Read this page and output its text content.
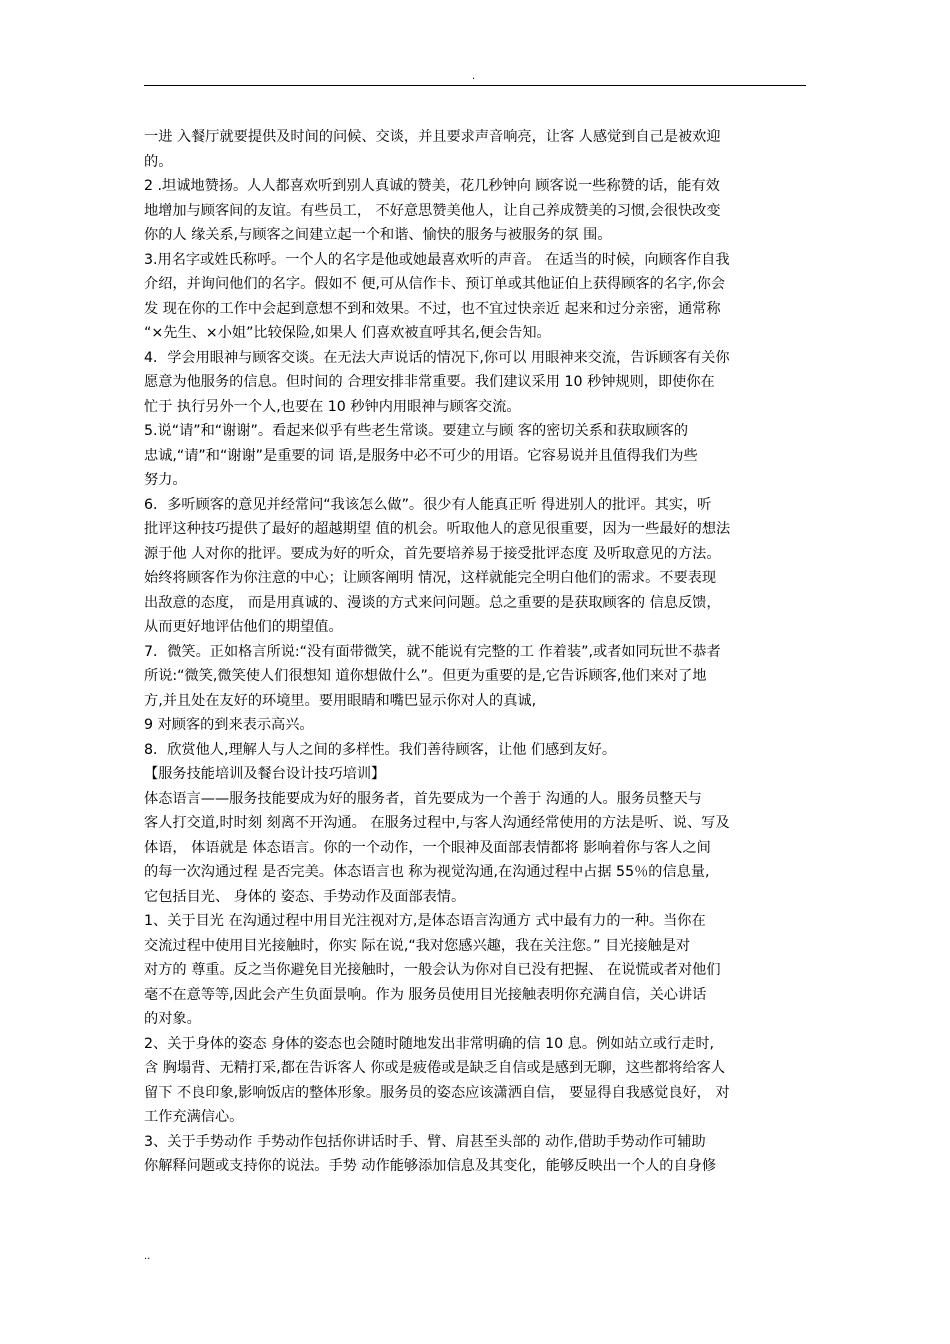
.

一进 入餐厅就要提供及时间的问候、交谈，并且要求声音响亮，让客 人感觉到自己是被欢迎

的。

2 .坦诚地赞扬。人人都喜欢听到别人真诚的赞美，花几秒钟向 顾客说一些称赞的话，能有效

地增加与顾客间的友谊。有些员工， 不好意思赞美他人，让自己养成赞美的习惯,会很快改变

你的人 缘关系,与顾客之间建立起一个和谐、愉快的服务与被服务的氛 围。

3.用名字或姓氏称呼。一个人的名字是他或她最喜欢听的声音。 在适当的时候，向顾客作自我

介绍，并询问他们的名字。假如不 便,可从信作卡、预订单或其他证伯上获得顾客的名字,你会

发 现在你的工作中会起到意想不到和效果。不过，也不宜过快亲近 起来和过分亲密，通常称

“×先生、×小姐”比较保险,如果人 们喜欢被直呼其名,便会告知。

4．学会用眼神与顾客交谈。在无法大声说话的情况下,你可以 用眼神来交流，告诉顾客有关你

愿意为他服务的信息。但时间的 合理安排非常重要。我们建议采用 10 秒钟规则，即使你在

忙于 执行另外一个人,也要在 10 秒钟内用眼神与顾客交流。

5.说“请”和“谢谢”。看起来似乎有些老生常谈。要建立与顾 客的密切关系和获取顾客的

忠诚,“请”和“谢谢”是重要的词 语,是服务中必不可少的用语。它容易说并且值得我们为些

努力。

6．多听顾客的意见并经常问“我该怎么做”。很少有人能真正听 得进别人的批评。其实，听

批评这种技巧提供了最好的超越期望 值的机会。听取他人的意见很重要，因为一些最好的想法

源于他 人对你的批评。要成为好的听众，首先要培养易于接受批评态度 及听取意见的方法。

始终将顾客作为你注意的中心；让顾客阐明 情况，这样就能完全明白他们的需求。不要表现

出敌意的态度， 而是用真诚的、漫谈的方式来问问题。总之重要的是获取顾客的 信息反馈，

从而更好地评估他们的期望值。

7．微笑。正如格言所说:“没有面带微笑，就不能说有完整的工 作着装”,或者如同玩世不恭者

所说:“微笑,微笑使人们很想知 道你想做什么”。但更为重要的是,它告诉顾客,他们来对了地

方,并且处在友好的环境里。要用眼睛和嘴巴显示你对人的真诚,

9 对顾客的到来表示高兴。

8．欣赏他人,理解人与人之间的多样性。我们善待顾客，让他 们感到友好。

【服务技能培训及餐台设计技巧培训】

体态语言——服务技能要成为好的服务者，首先要成为一个善于 沟通的人。服务员整天与

客人打交道,时时刻 刻离不开沟通。 在服务过程中,与客人沟通经常使用的方法是听、说、写及

体语， 体语就是 体态语言。你的一个动作，一个眼神及面部表情都将 影响着你与客人之间

的每一次沟通过程 是否完美。体态语言也 称为视觉沟通,在沟通过程中占据 55％的信息量,

它包括目光、 身体的 姿态、手势动作及面部表情。

1、关于目光 在沟通过程中用目光注视对方,是体态语言沟通方 式中最有力的一种。当你在

交流过程中使用目光接触时，你实 际在说,“我对您感兴趣，我在关注您。” 目光接触是对

对方的 尊重。反之当你避免目光接触时，一般会认为你对自已没有把握、 在说慌或者对他们

毫不在意等等,因此会产生负面景响。作为 服务员使用目光接触表明你充满自信，关心讲话

的对象。

2、关于身体的姿态 身体的姿态也会随时随地发出非常明确的信 10 息。例如站立或行走时,

含 胸塌背、无精打采,都在告诉客人 你或是疲倦或是缺乏自信或是感到无聊，这些都将给客人

留下 不良印象,影响饭店的整体形象。服务员的姿态应该潇洒自信， 要显得自我感觉良好， 对

工作充满信心。

3、关于手势动作 手势动作包括你讲话时手、臂、肩甚至头部的 动作,借助手势动作可辅助

你解释问题或支持你的说法。手势 动作能够添加信息及其变化，能够反映出一个人的自身修

..
